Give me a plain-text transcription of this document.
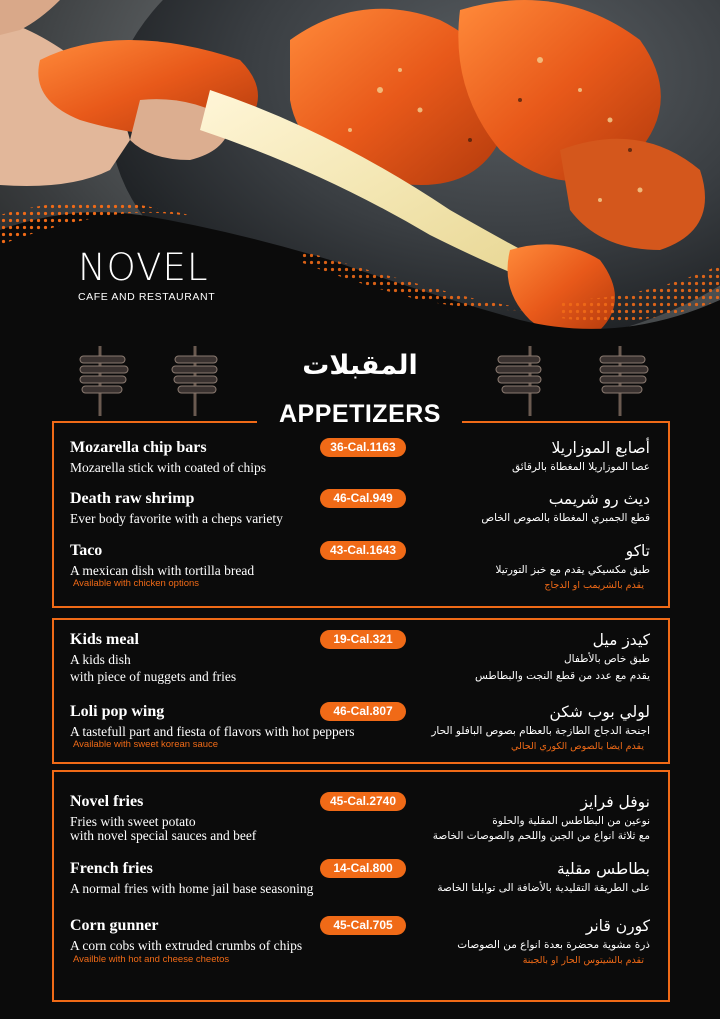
NOVEL
CAFE AND RESTAURANT
المقبلات
APPETIZERS
Mozarella chip bars
Mozarella stick with coated of chips
36-Cal.1163	أصابع الموزاريلا
عصا الموزاريلا المغطاة بالرقائق
Death raw shrimp
Ever body favorite with a cheps variety
46-Cal.949	ديث رو شريمب
قطع الجمبري المغطاة بالصوص الخاص
Taco
A mexican dish with tortilla bread
Available with chicken options
43-Cal.1643	تاكو
طبق مكسيكي يقدم مع خبز التورتيلا
يقدم بالشريمب او الدجاج
Kids meal
A kids dish
with piece of nuggets and fries
19-Cal.321	كيدز ميل
طبق خاص بالأطفال
يقدم مع عدد من قطع النجت والبطاطس
Loli pop wing
A tastefull part and fiesta of flavors with hot peppers
Available with sweet korean sauce
46-Cal.807	لولي بوب شكن
اجنحة الدجاج الطازجة بالعظام بصوص البافلو الحار
يقدم ايضا بالصوص الكوري الحالي
Novel fries
Fries with sweet potato
with novel special sauces and beef
45-Cal.2740	نوفل فرايز
نوعين من البطاطس المقلية والحلوة
مع ثلاثة انواع من الجبن واللحم والصوصات الخاصة
French fries
A normal fries with home jail base seasoning
14-Cal.800	بطاطس مقلية
على الطريقة التقليدية بالأضافة الى توابلنا الخاصة
Corn gunner
A corn cobs with extruded crumbs of chips
Availble with hot and cheese cheetos
45-Cal.705	كورن قانر
ذرة مشوية محضرة بعدة انواع من الصوصات
تقدم بالشيتوس الحار او بالجبنة
